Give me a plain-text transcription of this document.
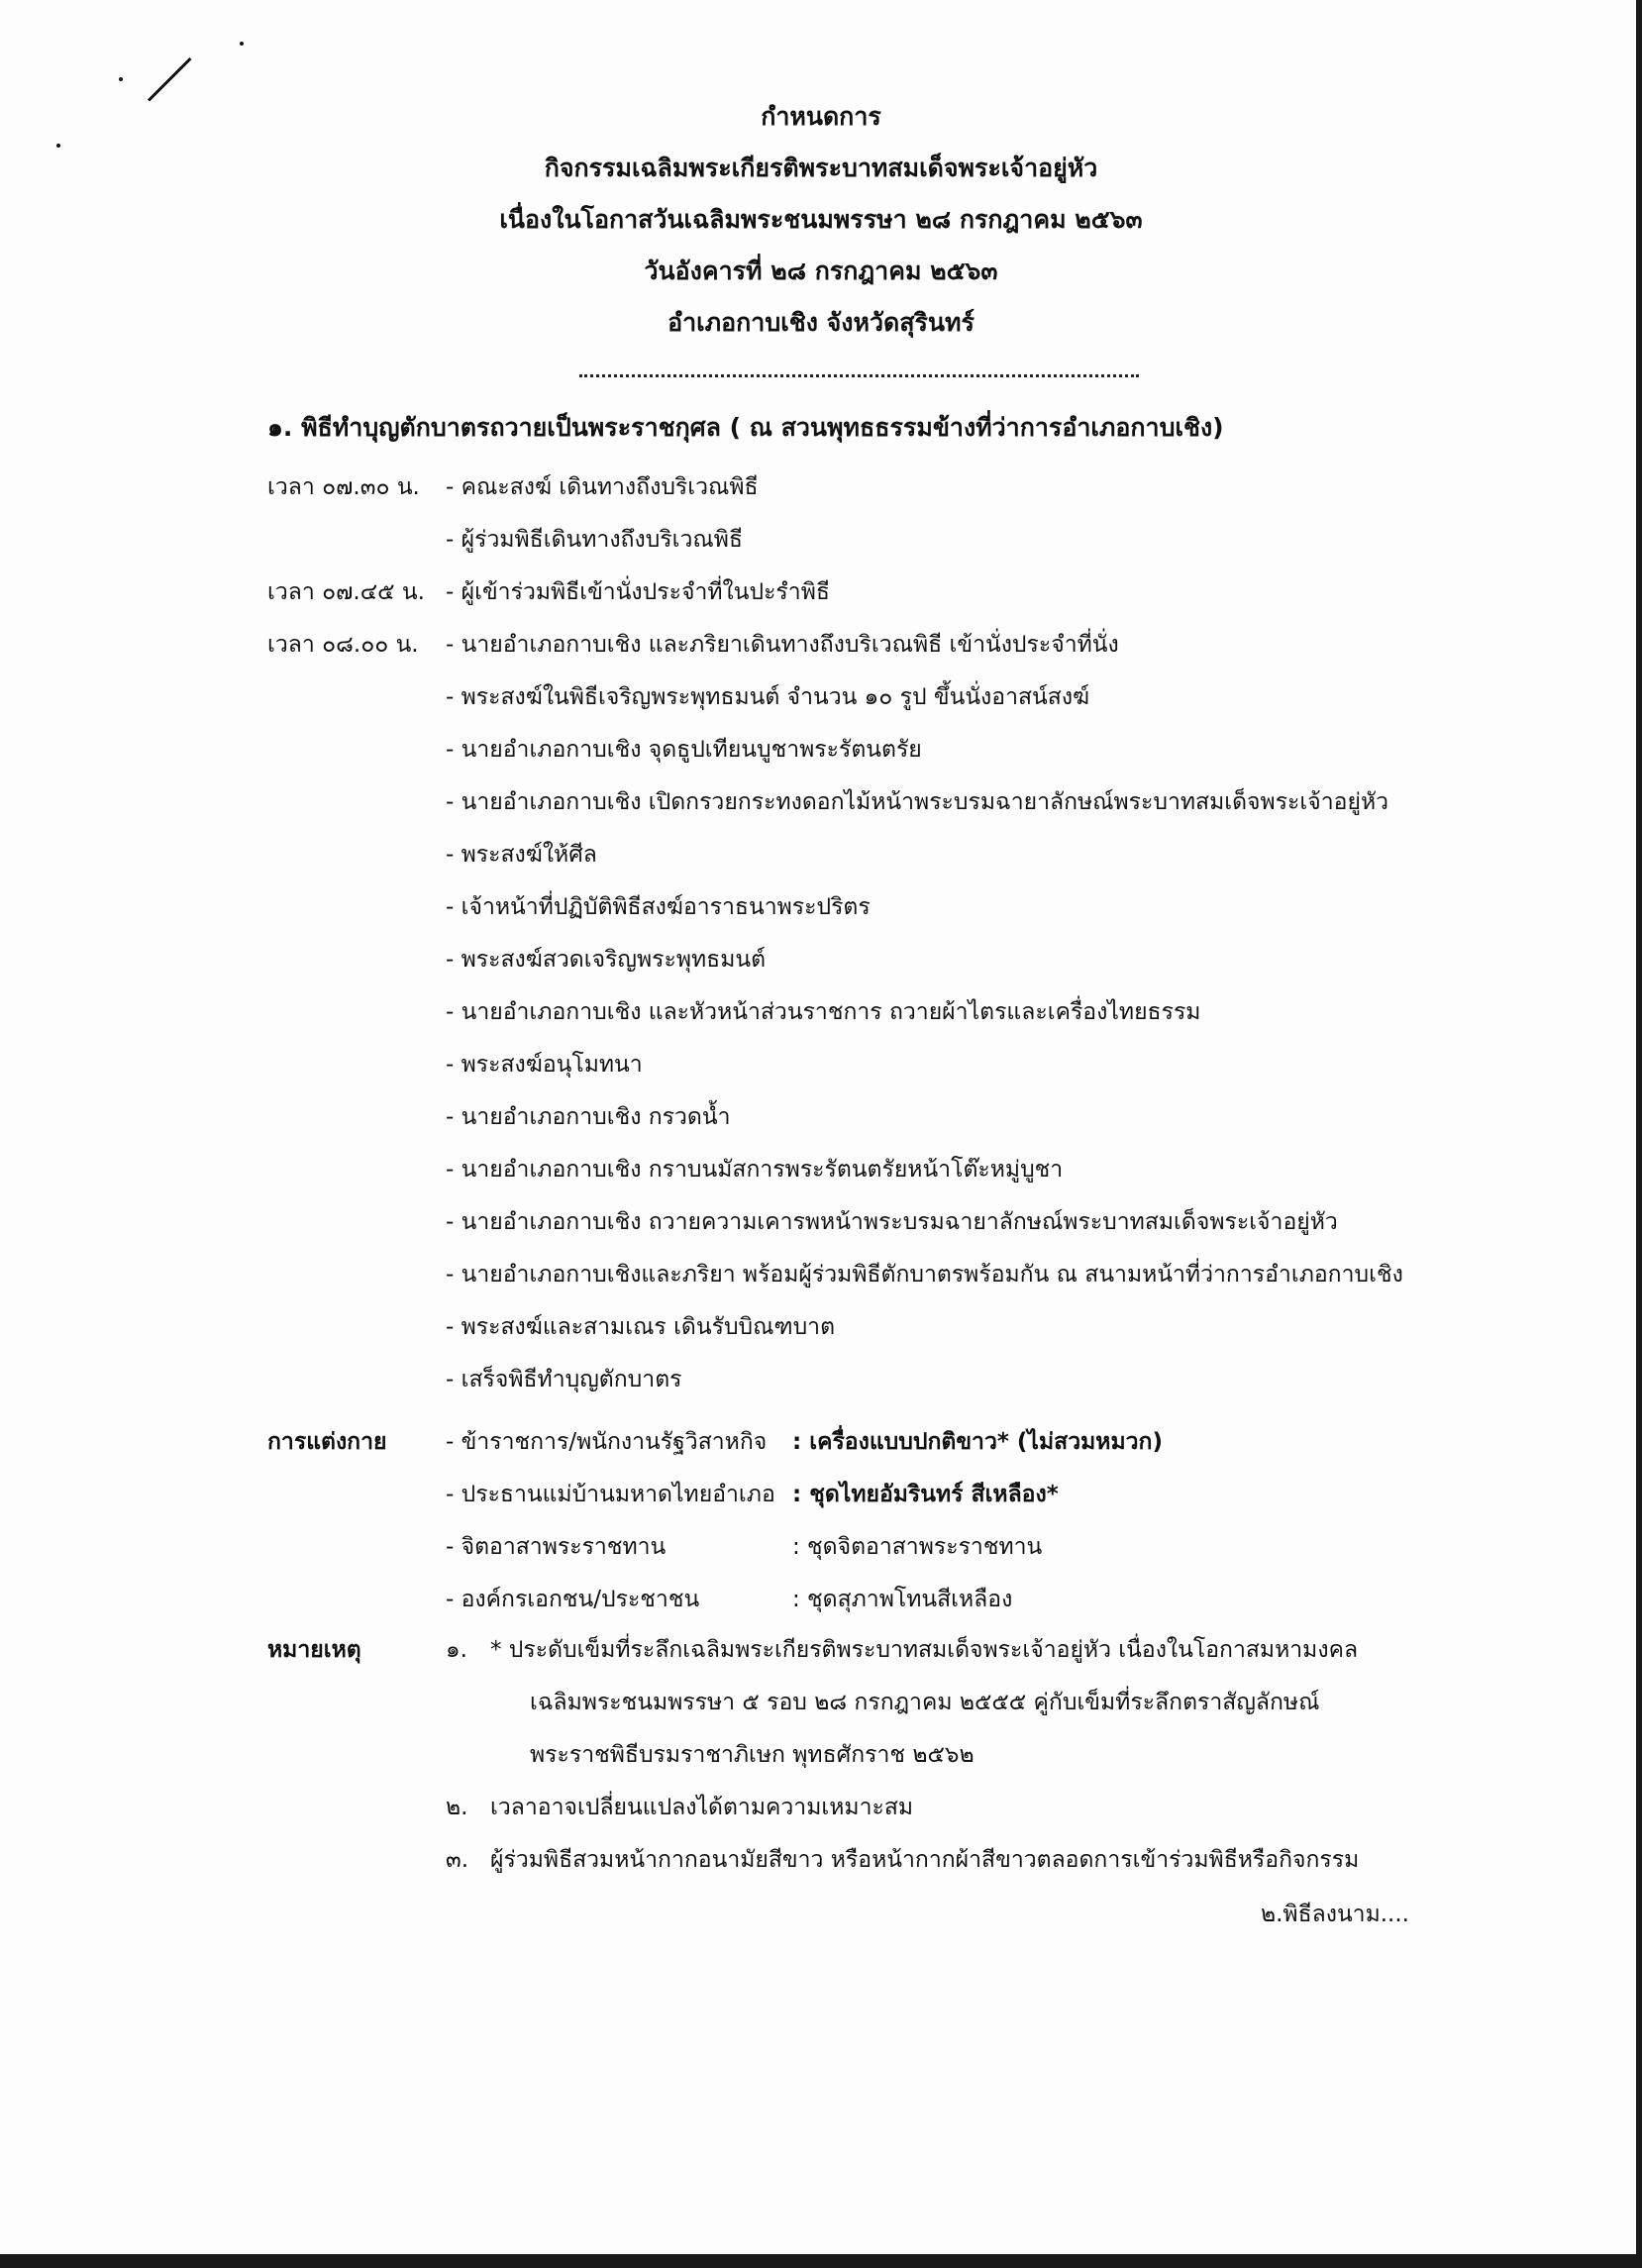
กำหนดการ
กิจกรรมเฉลิมพระเกียรติพระบาทสมเด็จพระเจ้าอยู่หัว
เนื่องในโอกาสวันเฉลิมพระชนมพรรษา ๒๘ กรกฎาคม ๒๕๖๓
วันอังคารที่ ๒๘ กรกฎาคม ๒๕๖๓
อำเภอกาบเชิง จังหวัดสุรินทร์
๑. พิธีทำบุญตักบาตรถวายเป็นพระราชกุศล ( ณ สวนพุทธธรรมข้างที่ว่าการอำเภอกาบเชิง)
เวลา ๐๗.๓๐ น. - คณะสงฆ์ เดินทางถึงบริเวณพิธี
- ผู้ร่วมพิธีเดินทางถึงบริเวณพิธี
เวลา ๐๗.๔๕ น. - ผู้เข้าร่วมพิธีเข้านั่งประจำที่ในปะรำพิธี
เวลา ๐๘.๐๐ น. - นายอำเภอกาบเชิง และภริยาเดินทางถึงบริเวณพิธี เข้านั่งประจำที่นั่ง
- พระสงฆ์ในพิธีเจริญพระพุทธมนต์ จำนวน ๑๐ รูป ขึ้นนั่งอาสน์สงฆ์
- นายอำเภอกาบเชิง จุดธูปเทียนบูชาพระรัตนตรัย
- นายอำเภอกาบเชิง เปิดกรวยกระทงดอกไม้หน้าพระบรมฉายาลักษณ์พระบาทสมเด็จพระเจ้าอยู่หัว
- พระสงฆ์ให้ศีล
- เจ้าหน้าที่ปฏิบัติพิธีสงฆ์อาราธนาพระปริตร
- พระสงฆ์สวดเจริญพระพุทธมนต์
- นายอำเภอกาบเชิง และหัวหน้าส่วนราชการ ถวายผ้าไตรและเครื่องไทยธรรม
- พระสงฆ์อนุโมทนา
- นายอำเภอกาบเชิง กรวดน้ำ
- นายอำเภอกาบเชิง กราบนมัสการพระรัตนตรัยหน้าโต๊ะหมู่บูชา
- นายอำเภอกาบเชิง ถวายความเคารพหน้าพระบรมฉายาลักษณ์พระบาทสมเด็จพระเจ้าอยู่หัว
- นายอำเภอกาบเชิงและภริยา พร้อมผู้ร่วมพิธีตักบาตรพร้อมกัน ณ สนามหน้าที่ว่าการอำเภอกาบเชิง
- พระสงฆ์และสามเณร เดินรับบิณฑบาต
- เสร็จพิธีทำบุญตักบาตร
การแต่งกาย	- ข้าราชการ/พนักงานรัฐวิสาหกิจ : เครื่องแบบปกติขาว* (ไม่สวมหมวก)
- ประธานแม่บ้านมหาดไทยอำเภอ : ชุดไทยอัมรินทร์ สีเหลือง*
- จิตอาสาพระราชทาน	: ชุดจิตอาสาพระราชทาน
- องค์กรเอกชน/ประชาชน	: ชุดสุภาพโทนสีเหลือง
หมายเหตุ	๑. * ประดับเข็มที่ระลึกเฉลิมพระเกียรติพระบาทสมเด็จพระเจ้าอยู่หัว เนื่องในโอกาสมหามงคล
เฉลิมพระชนมพรรษา ๕ รอบ ๒๘ กรกฎาคม ๒๕๕๕ คู่กับเข็มที่ระลึกตราสัญลักษณ์
พระราชพิธีบรมราชาภิเษก พุทธศักราช ๒๕๖๒
๒. เวลาอาจเปลี่ยนแปลงได้ตามความเหมาะสม
๓. ผู้ร่วมพิธีสวมหน้ากากอนามัยสีขาว หรือหน้ากากผ้าสีขาวตลอดการเข้าร่วมพิธีหรือกิจกรรม
๒.พิธีลงนาม....
